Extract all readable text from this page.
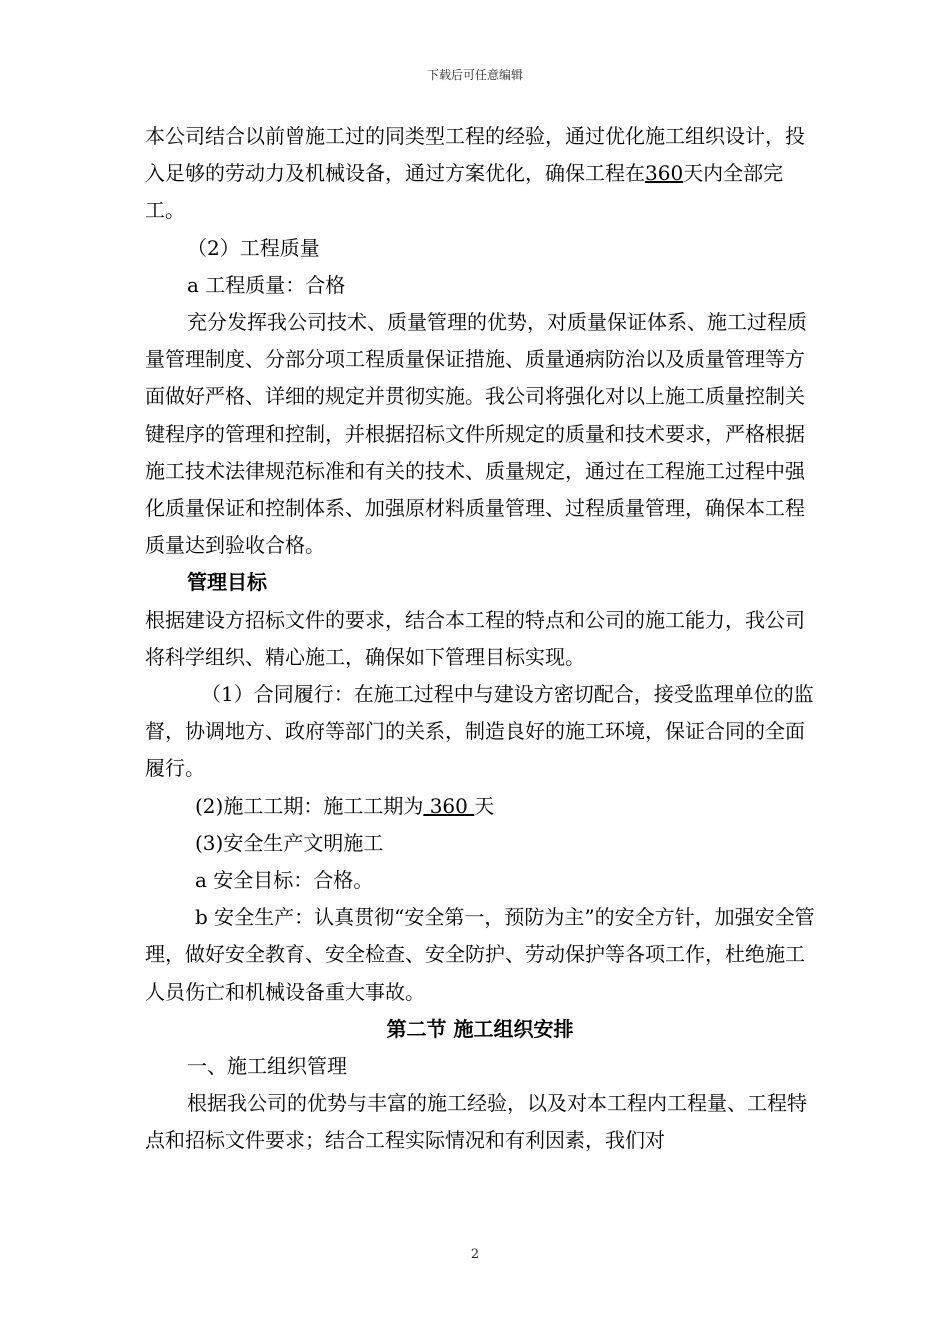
下载后可任意编辑

本公司结合以前曾施工过的同类型工程的经验，通过优化施工组织设计，投入足够的劳动力及机械设备，通过方案优化，确保工程在360天内全部完工。

（2）工程质量

a 工程质量：合格

充分发挥我公司技术、质量管理的优势，对质量保证体系、施工过程质量管理制度、分部分项工程质量保证措施、质量通病防治以及质量管理等方面做好严格、详细的规定并贯彻实施。我公司将强化对以上施工质量控制关键程序的管理和控制，并根据招标文件所规定的质量和技术要求，严格根据施工技术法律规范标准和有关的技术、质量规定，通过在工程施工过程中强化质量保证和控制体系、加强原材料质量管理、过程质量管理，确保本工程质量达到验收合格。

管理目标

根据建设方招标文件的要求，结合本工程的特点和公司的施工能力，我公司将科学组织、精心施工，确保如下管理目标实现。

（1）合同履行：在施工过程中与建设方密切配合，接受监理单位的监督，协调地方、政府等部门的关系，制造良好的施工环境，保证合同的全面履行。

(2)施工工期：施工工期为 360 天

(3)安全生产文明施工

a 安全目标：合格。

b 安全生产：认真贯彻“安全第一，预防为主”的安全方针，加强安全管理，做好安全教育、安全检查、安全防护、劳动保护等各项工作，杜绝施工人员伤亡和机械设备重大事故。

第二节 施工组织安排

一、施工组织管理

根据我公司的优势与丰富的施工经验，以及对本工程内工程量、工程特点和招标文件要求；结合工程实际情况和有利因素，我们对

2
